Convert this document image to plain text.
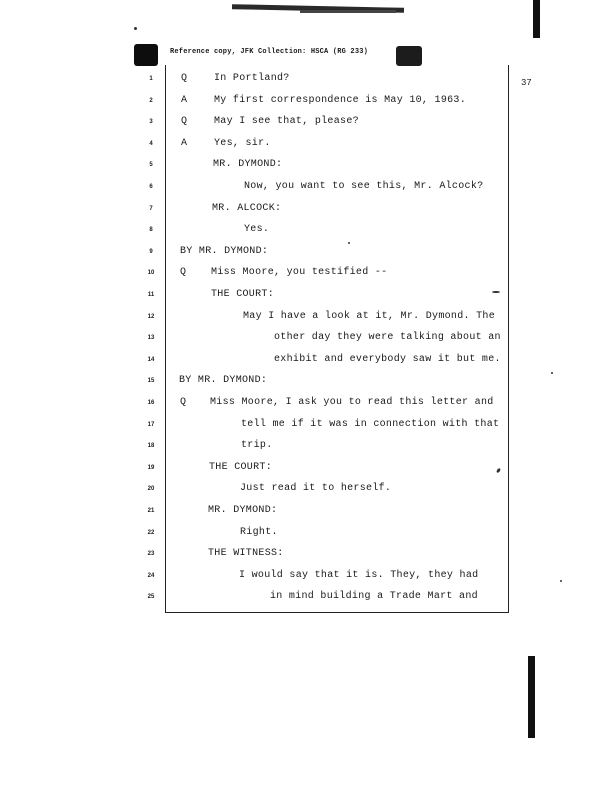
Reference copy, JFK Collection: HSCA (RG 233)
37
1	Q	In Portland?
2	A	My first correspondence is May 10, 1963.
3	Q	May I see that, please?
4	A	Yes, sir.
5	MR. DYMOND:
6	Now, you want to see this, Mr. Alcock?
7	MR. ALCOCK:
8	Yes.
9	BY MR. DYMOND:
10	Q Miss Moore, you testified --
11	THE COURT:
12	May I have a look at it, Mr. Dymond. The
13	other day they were talking about an
14	exhibit and everybody saw it but me.
15	BY MR. DYMOND:
16	Q Miss Moore, I ask you to read this letter and
17	tell me if it was in connection with that
18	trip.
19	THE COURT:
20	Just read it to herself.
21	MR. DYMOND:
22	Right.
23	THE WITNESS:
24	I would say that it is. They, they had
25	in mind building a Trade Mart and
